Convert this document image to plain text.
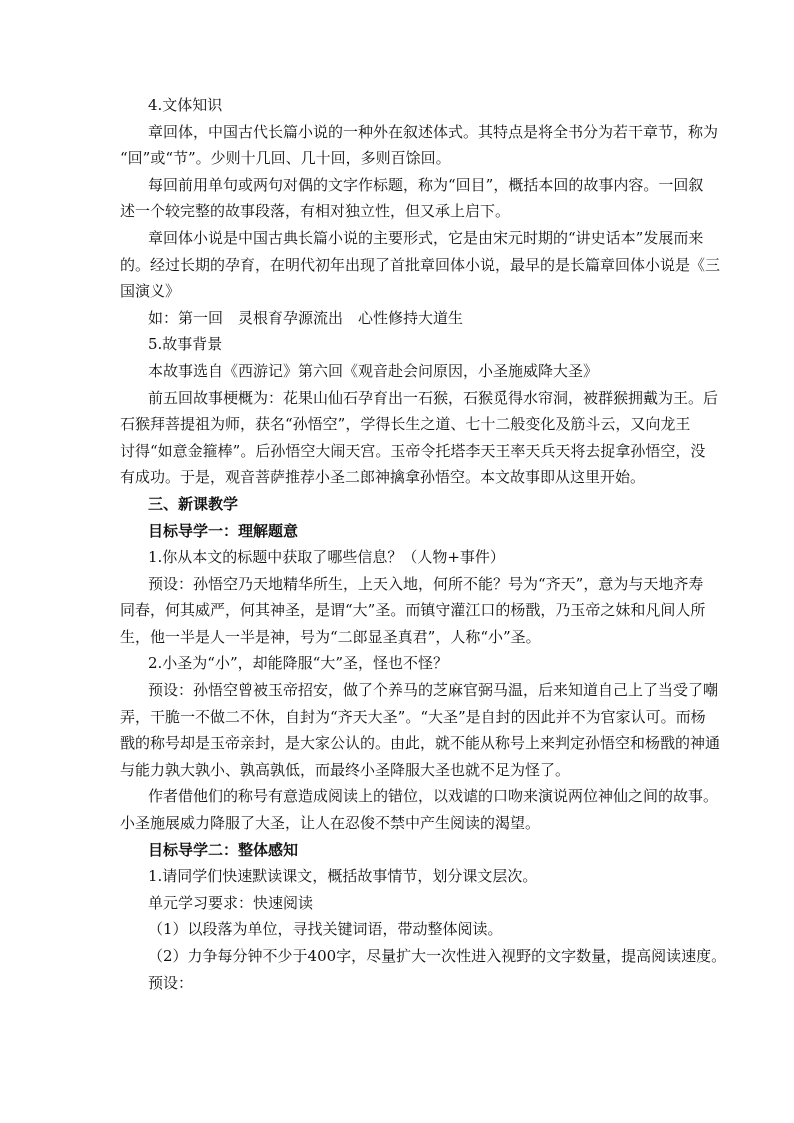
4.文体知识
章回体，中国古代长篇小说的一种外在叙述体式。其特点是将全书分为若干章节，称为
“回”或“节”。少则十几回、几十回，多则百馀回。
每回前用单句或两句对偶的文字作标题，称为“回目”，概括本回的故事内容。一回叙
述一个较完整的故事段落，有相对独立性，但又承上启下。
章回体小说是中国古典长篇小说的主要形式，它是由宋元时期的“讲史话本”发展而来
的。经过长期的孕育，在明代初年出现了首批章回体小说，最早的是长篇章回体小说是《三
国演义》
如：第一回　灵根育孕源流出　心性修持大道生
5.故事背景
本故事选自《西游记》第六回《观音赴会问原因，小圣施威降大圣》
前五回故事梗概为：花果山仙石孕育出一石猴，石猴觅得水帘洞，被群猴拥戴为王。后
石猴拜菩提祖为师，获名“孙悟空”，学得长生之道、七十二般变化及筋斗云，又向龙王
讨得“如意金箍棒”。后孙悟空大闹天宫。玉帝令托塔李天王率天兵天将去捉拿孙悟空，没
有成功。于是，观音菩萨推荐小圣二郎神擒拿孙悟空。本文故事即从这里开始。
三、新课教学
目标导学一：理解题意
1.你从本文的标题中获取了哪些信息？（人物+事件）
预设：孙悟空乃天地精华所生，上天入地，何所不能？号为“齐天”，意为与天地齐寿
同春，何其威严，何其神圣，是谓“大”圣。而镇守灌江口的杨戬，乃玉帝之妹和凡间人所
生，他一半是人一半是神，号为“二郎显圣真君”，人称“小”圣。
2.小圣为“小”，却能降服“大”圣，怪也不怪？
预设：孙悟空曾被玉帝招安，做了个养马的芝麻官弼马温，后来知道自己上了当受了嘲
弄，干脆一不做二不休，自封为“齐天大圣”。“大圣”是自封的因此并不为官家认可。而杨
戬的称号却是玉帝亲封，是大家公认的。由此，就不能从称号上来判定孙悟空和杨戬的神通
与能力孰大孰小、孰高孰低，而最终小圣降服大圣也就不足为怪了。
作者借他们的称号有意造成阅读上的错位，以戏谑的口吻来演说两位神仙之间的故事。
小圣施展威力降服了大圣，让人在忍俊不禁中产生阅读的渴望。
目标导学二：整体感知
1.请同学们快速默读课文，概括故事情节，划分课文层次。
单元学习要求：快速阅读
（1）以段落为单位，寻找关键词语，带动整体阅读。
（2）力争每分钟不少于400字，尽量扩大一次性进入视野的文字数量，提高阅读速度。
预设：
